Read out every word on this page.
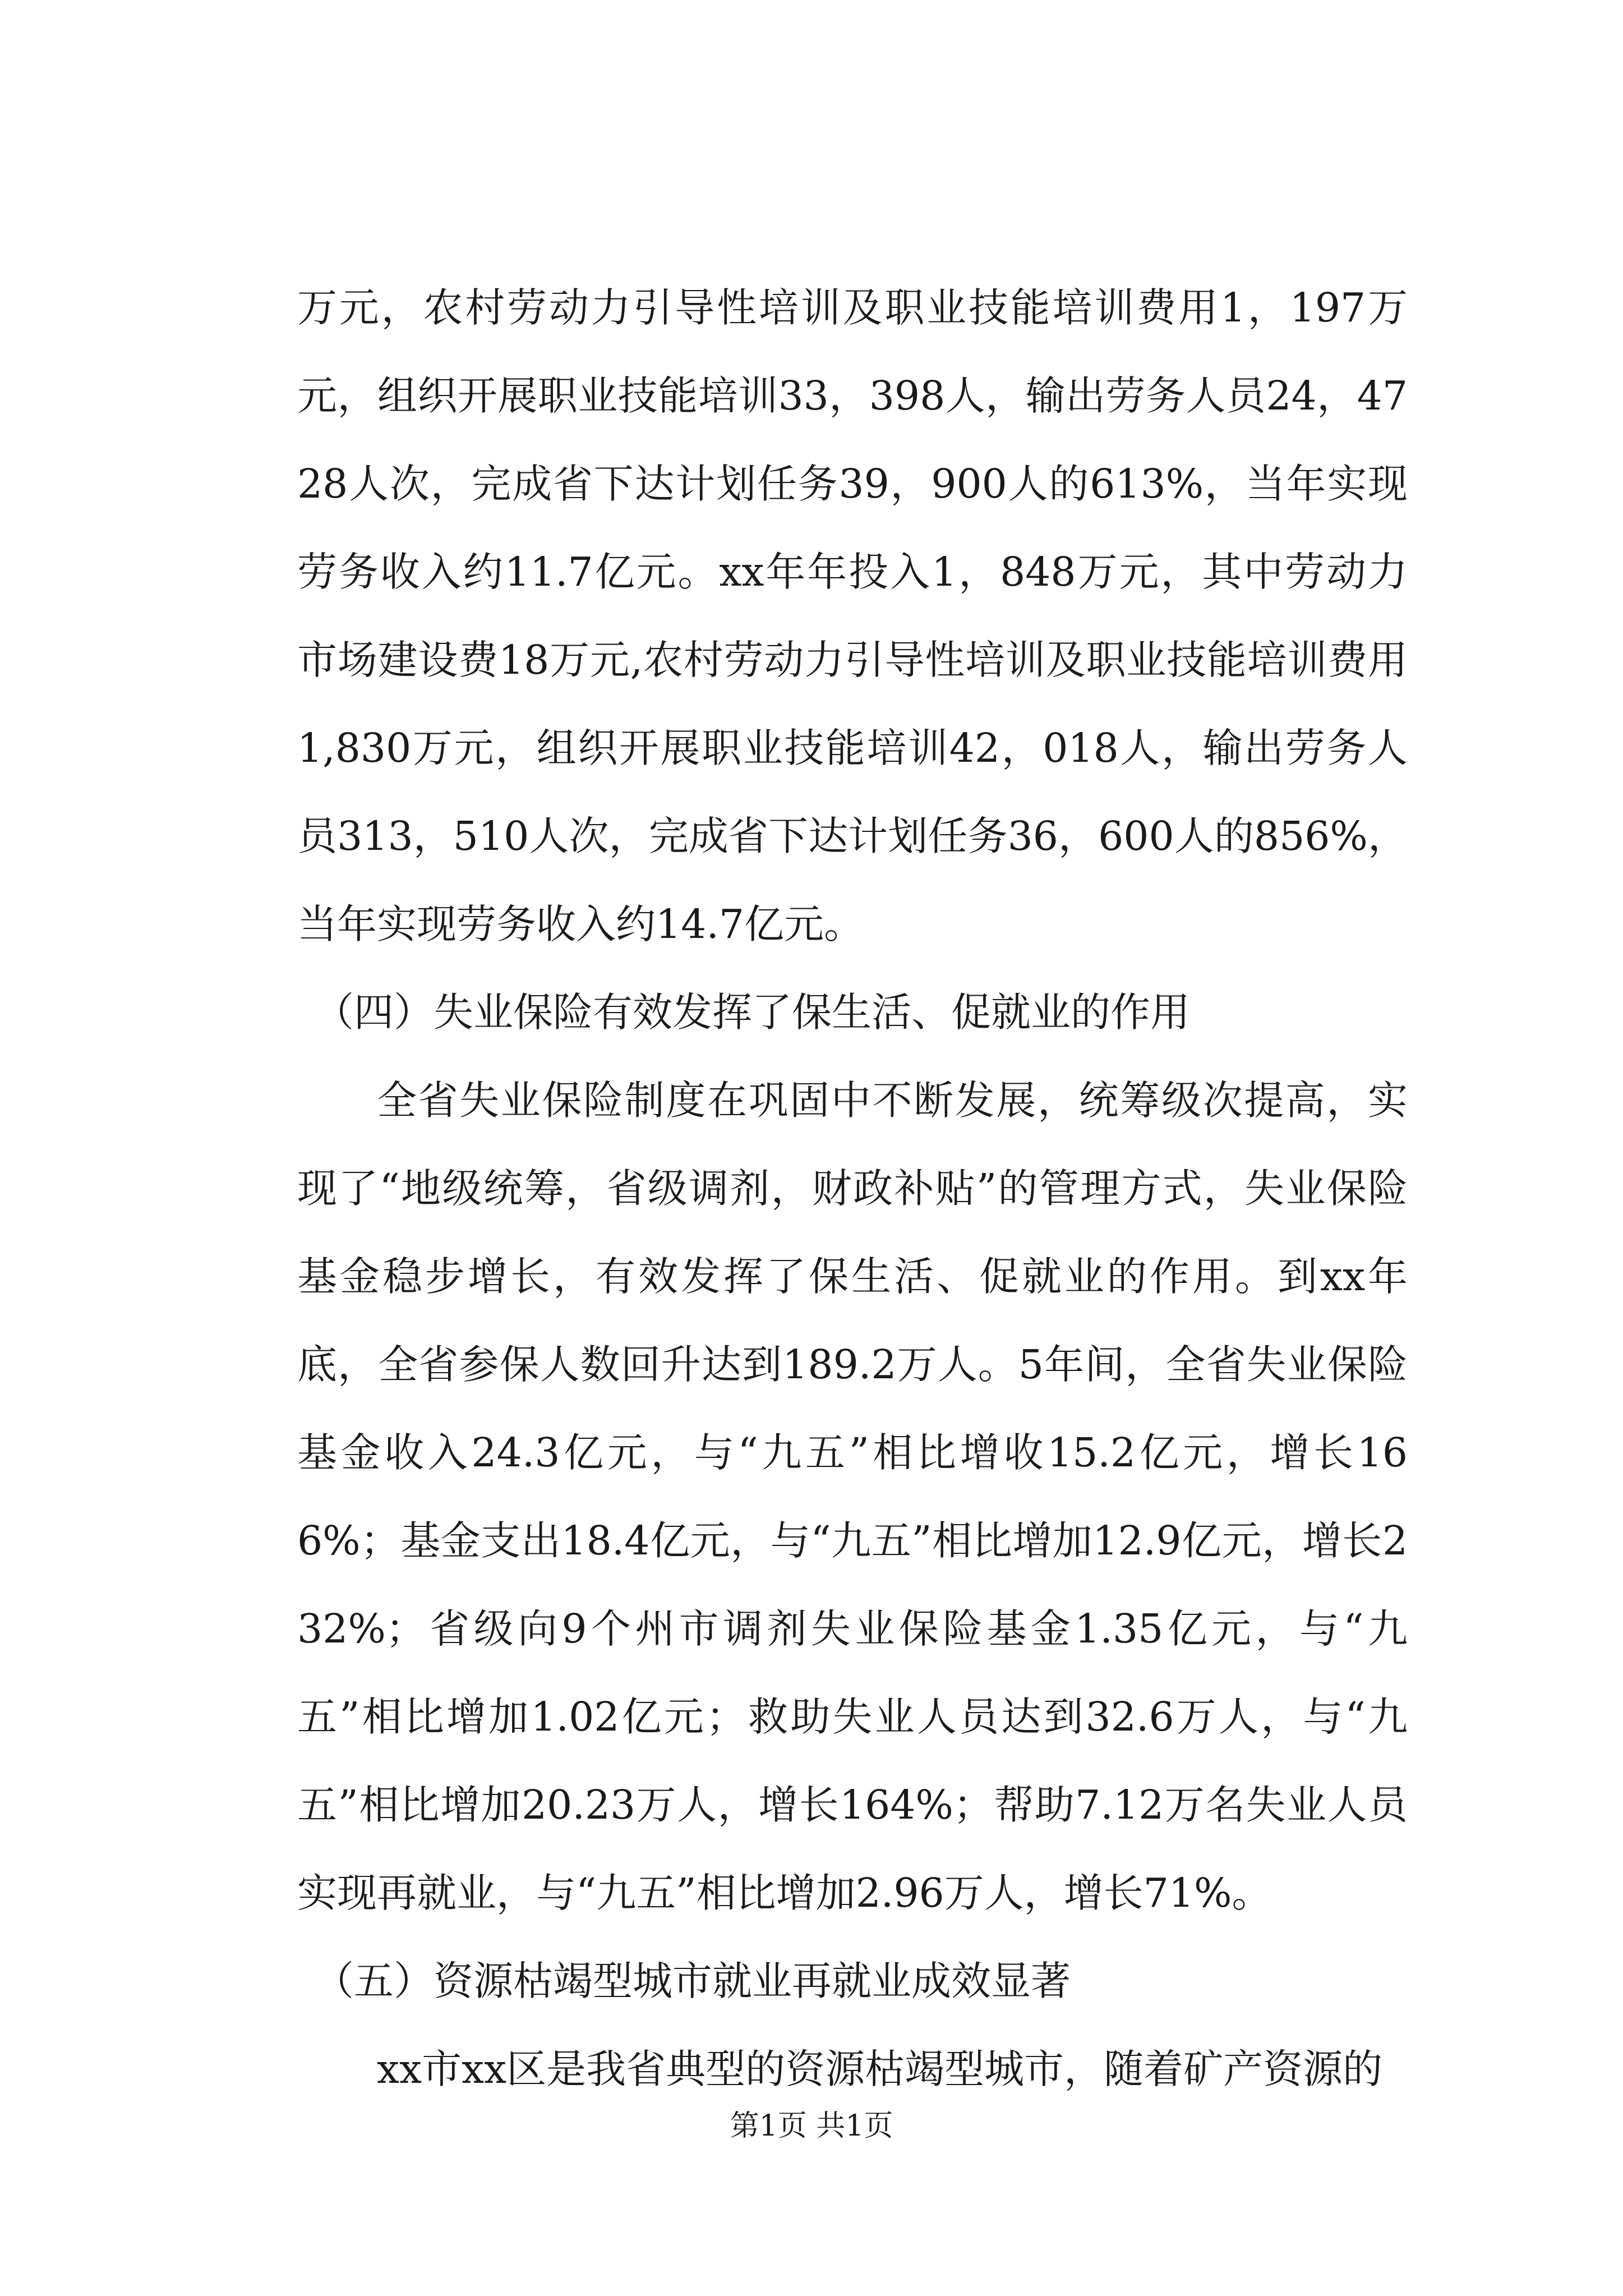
万元，农村劳动力引导性培训及职业技能培训费用1，197万元，组织开展职业技能培训33，398人，输出劳务人员24，4728人次，完成省下达计划任务39，900人的613%，当年实现劳务收入约11.7亿元。xx年年投入1，848万元，其中劳动力市场建设费18万元,农村劳动力引导性培训及职业技能培训费用1,830万元，组织开展职业技能培训42，018人，输出劳务人员313，510人次，完成省下达计划任务36，600人的856%，当年实现劳务收入约14.7亿元。

（四）失业保险有效发挥了保生活、促就业的作用

全省失业保险制度在巩固中不断发展，统筹级次提高，实现了“地级统筹，省级调剂，财政补贴”的管理方式，失业保险基金稳步增长，有效发挥了保生活、促就业的作用。到xx年底，全省参保人数回升达到189.2万人。5年间，全省失业保险基金收入24.3亿元，与“九五”相比增收15.2亿元，增长166%；基金支出18.4亿元，与“九五”相比增加12.9亿元，增长232%；省级向9个州市调剂失业保险基金1.35亿元，与“九五”相比增加1.02亿元；救助失业人员达到32.6万人，与“九五”相比增加20.23万人，增长164%；帮助7.12万名失业人员实现再就业，与“九五”相比增加2.96万人，增长71%。

（五）资源枯竭型城市就业再就业成效显著

xx市xx区是我省典型的资源枯竭型城市，随着矿产资源的

第1页 共1页
